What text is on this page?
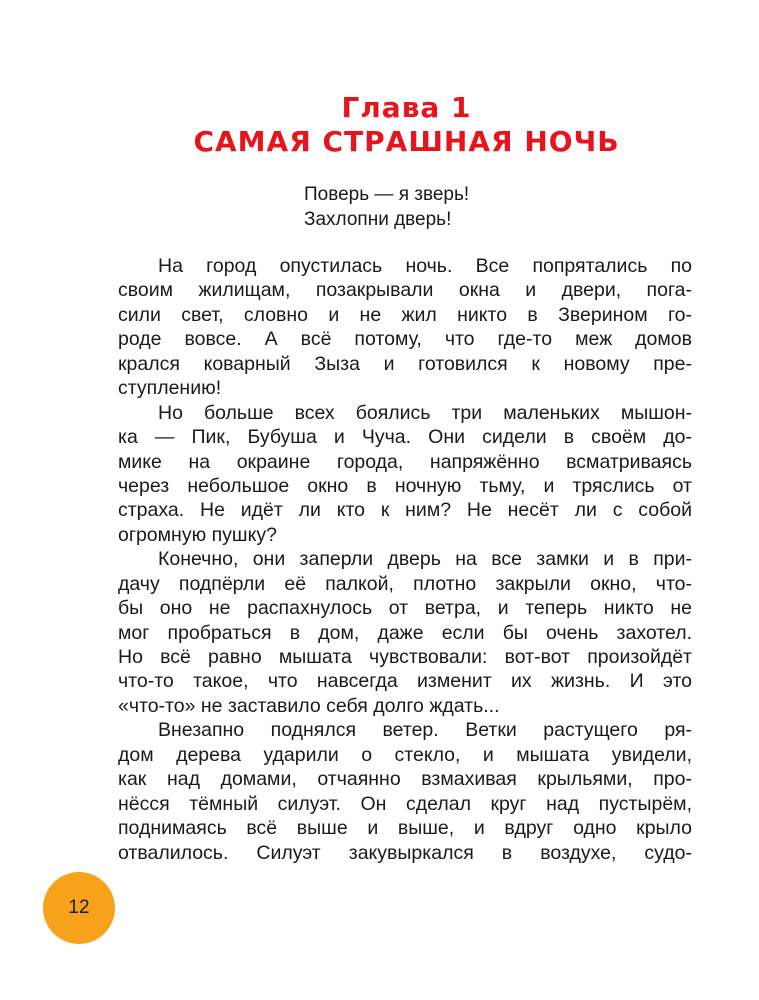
Глава 1
САМАЯ СТРАШНАЯ НОЧЬ
Поверь — я зверь!
Захлопни дверь!
На город опустилась ночь. Все попрятались по
своим жилищам, позакрывали окна и двери, пога-
сили свет, словно и не жил никто в Зверином го-
роде вовсе. А всё потому, что где-то меж домов
крался коварный Зыза и готовился к новому пре-
ступлению!
Но больше всех боялись три маленьких мышон-
ка — Пик, Бубуша и Чуча. Они сидели в своём до-
мике на окраине города, напряжённо всматриваясь
через небольшое окно в ночную тьму, и тряслись от
страха. Не идёт ли кто к ним? Не несёт ли с собой
огромную пушку?
Конечно, они заперли дверь на все замки и в при-
дачу подпёрли её палкой, плотно закрыли окно, что-
бы оно не распахнулось от ветра, и теперь никто не
мог пробраться в дом, даже если бы очень захотел.
Но всё равно мышата чувствовали: вот-вот произойдёт
что-то такое, что навсегда изменит их жизнь. И это
«что-то» не заставило себя долго ждать...
Внезапно поднялся ветер. Ветки растущего ря-
дом дерева ударили о стекло, и мышата увидели,
как над домами, отчаянно взмахивая крыльями, про-
нёсся тёмный силуэт. Он сделал круг над пустырём,
поднимаясь всё выше и выше, и вдруг одно крыло
отвалилось. Силуэт закувыркался в воздухе, судо-
12
